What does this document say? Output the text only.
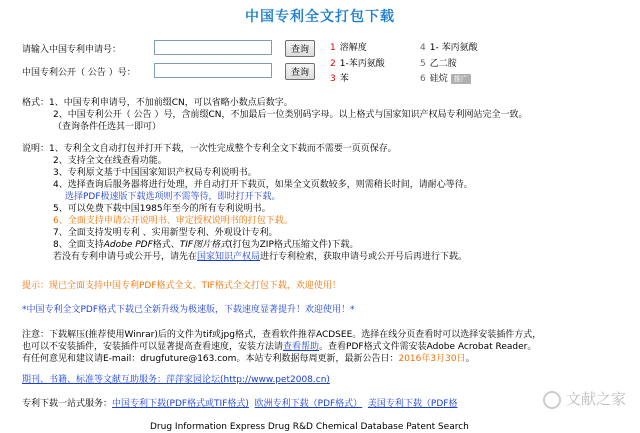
中国专利全文打包下载
请输入中国专利申请号：	查询
中国专利公开（ 公告 ）号：	查询
1 溶解度	4 1- 苯丙氨酸
2 1-苯丙氨酸	5 乙二胺
3 苯	6 硅烷 推广
格式：1、中国专利申请号，不加前缀CN，可以省略小数点后数字。
2、中国专利公开（ 公告 ）号，含前缀CN，不加最后一位类别码字母。以上格式与国家知识产权局专利网站完全一致。
（查询条件任选其一即可）
说明：1、专利全文自动打包并打开下载，一次性完成整个专利全文下载而不需要一页页保存。
2、支持全文在线查看功能。
3、专利原文基于中国国家知识产权局专利说明书。
4、选择查询后服务器将进行处理，并自动打开下载页，如果全文页数较多，则需稍长时间，请耐心等待。
选择PDF极速版下载选项则不需等待，即时打开下载。
5、可以免费下载中国1985年至今的所有专利说明书。
6、全面支持申请公开说明书、审定授权说明书的打包下载。
7、全面支持发明专利 、实用新型专利、外观设计专利。
8、全面支持Adobe PDF格式、TIF图片格式(打包为ZIP格式压缩文件)下载。
若没有专利申请号或公开号，请先在国家知识产权局进行专利检索，获取申请号或公开号后再进行下载。
提示：现已全面支持中国专利PDF格式全文、TIF格式全文打包下载，欢迎使用！
*中国专利全文PDF格式下载已全新升级为极速版，下载速度显著提升！欢迎使用！*
注意：下载解压(推荐使用Winrar)后的文件为tif或jpg格式，查看软件推荐ACDSEE。选择在线分页查看时可以选择安装插件方式，
也可以不安装插件，安装插件可以显著提高查看速度，安装方法请查看帮助。查看PDF格式文件需安装Adobe Acrobat Reader。
有任何意见和建议请E-mail：drugfuture@163.com。本站专利数据每周更新，最新公告日：2016年3月30日。
期刊、书籍、标准等文献互助服务：萍萍家园论坛(http://www.pet2008.cn)
专利下载一站式服务：中国专利下载(PDF格式或TIF格式) 欧洲专利下载（PDF格式） 美国专利下载（PDF格
Drug Information Express Drug R&D Chemical Database Patent Search
文献之家
